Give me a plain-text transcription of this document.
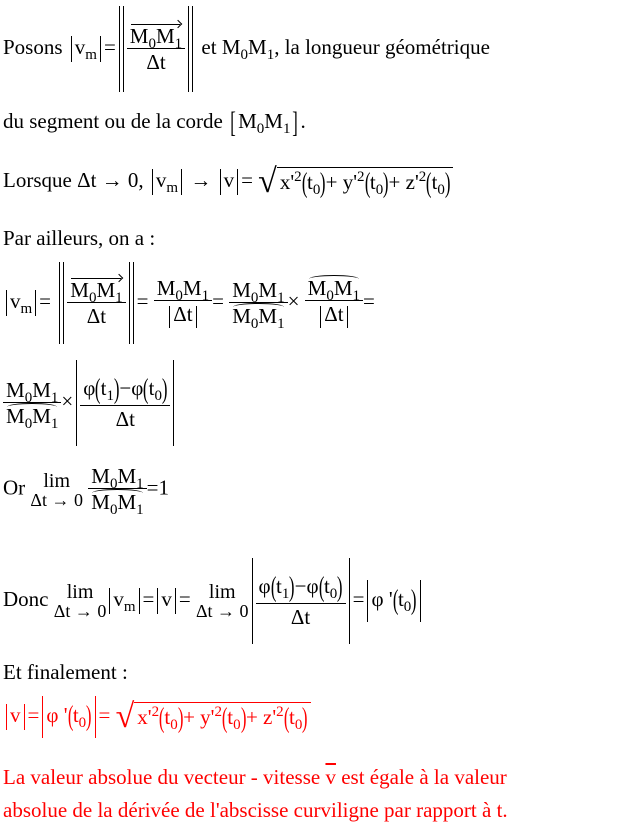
Posons $v_m = \frac{M_0M_1}{\Delta t}$ et $M_0M_1$, la longueur géométrique
du segment ou de la corde [ $M_0M_1$] .
Lorsque Δt → 0, $v_m \to v$ = √ $x'^2(t_0)+ y'^2(t_0)+ z'^2(t_0)$
Par ailleurs, on a :
$v_m = \frac{M_0M_1}{\Delta t} = \frac{M_0M_1}{\Delta t} = \frac{M_0M_1}{M_0M_1} \times \frac{M_0M_1}{\Delta t}$ =
$\frac{M_0M_1}{M_0M_1} \times \frac{\varphi(t_1)-\varphi(t_0)}{\Delta t}$
Or lim
Δt → 0
$\frac{M_0M_1}{M_0M_1} =1$
Donc lim
Δt → 0
$v_m = v = \lim$
$\Delta t \to 0 \frac{\varphi(t_1)-\varphi(t_0)}{\Delta t} = \varphi$ '$(t_0)$
Et finalement :
v = φ '$(t_0)$ = √ $x'^2(t_0)+ y'^2(t_0)+ z'^2(t_0)$
La valeur absolue du vecteur - vitesse $\overline{v}$ est égale à la valeur
absolue de la dérivée de l'abscisse curviligne par rapport à t.
